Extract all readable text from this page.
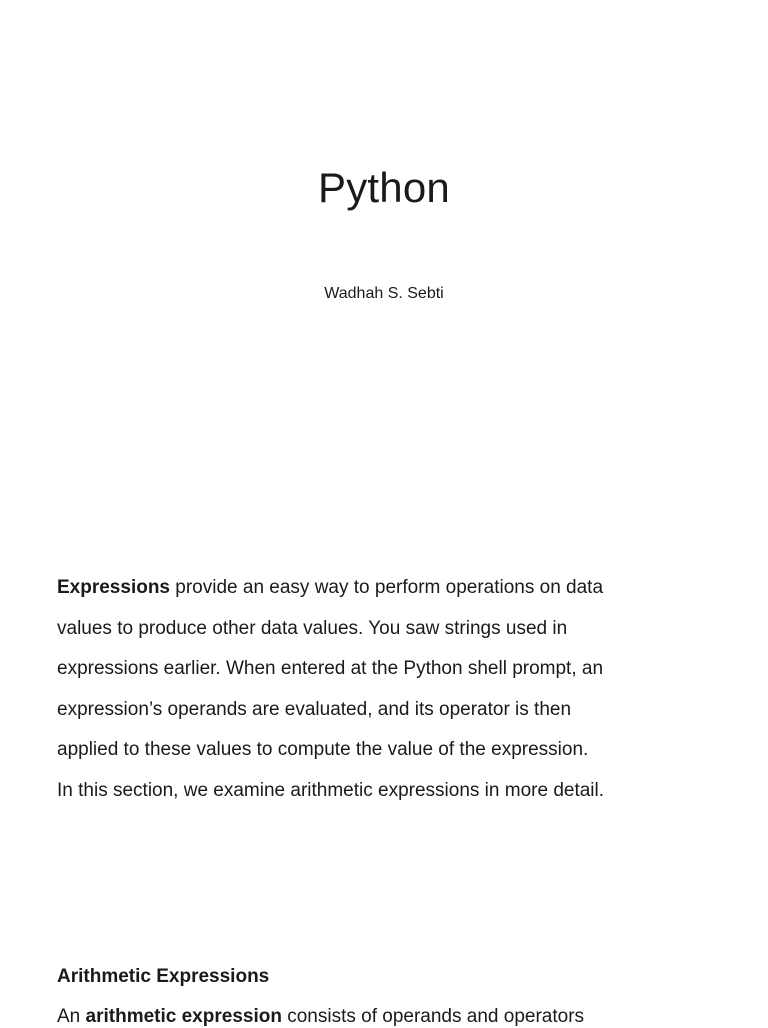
Python
Wadhah S. Sebti
Expressions provide an easy way to perform operations on data
values to produce other data values. You saw strings used in
expressions earlier. When entered at the Python shell prompt, an
expression’s operands are evaluated, and its operator is then
applied to these values to compute the value of the expression.
In this section, we examine arithmetic expressions in more detail.
Arithmetic Expressions
An arithmetic expression consists of operands and operators
